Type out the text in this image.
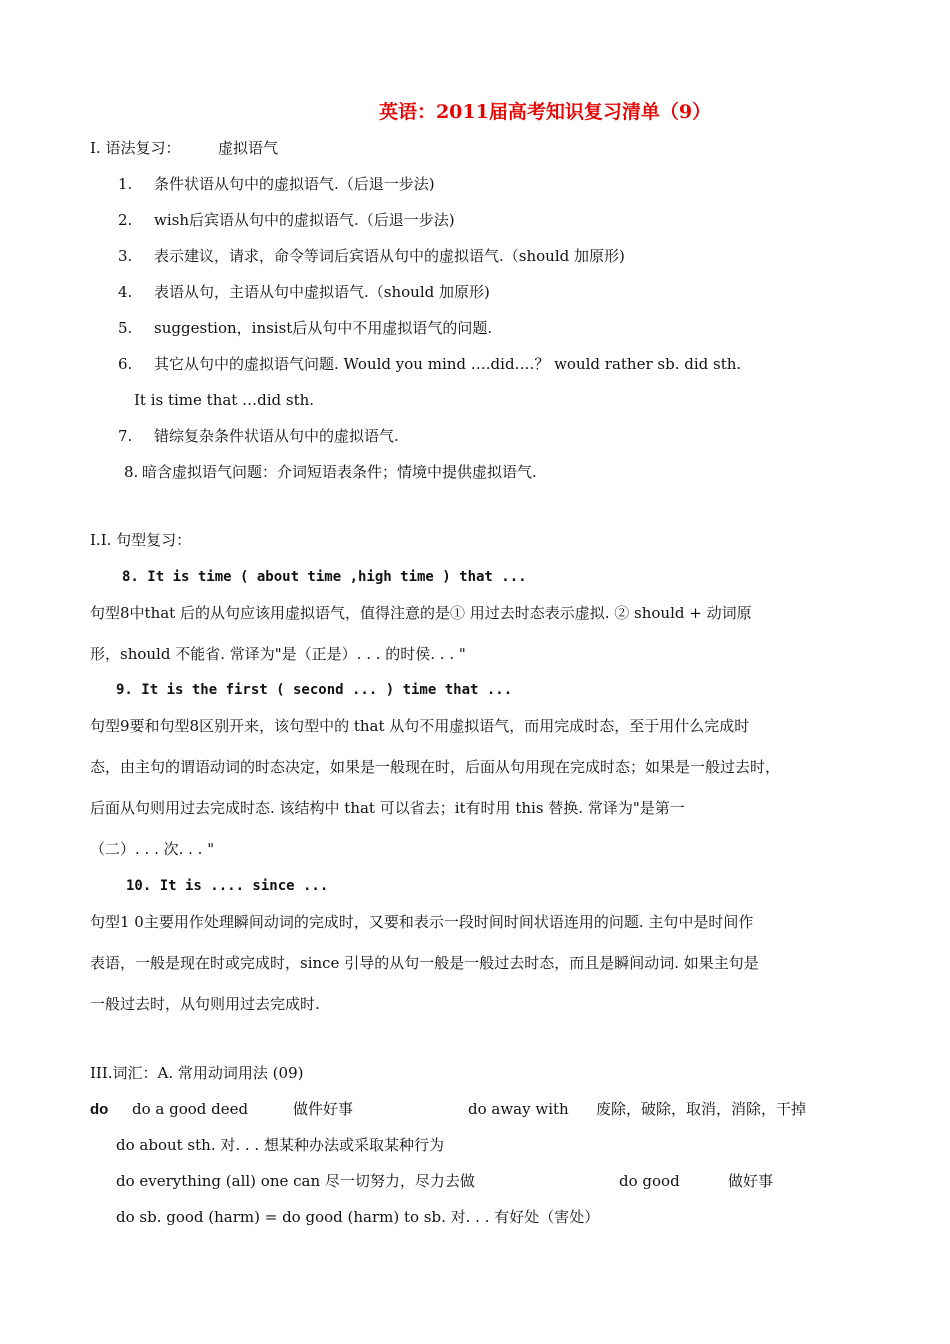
英语：2011届高考知识复习清单（9）
I. 语法复习：	虚拟语气
1. 条件状语从句中的虚拟语气.（后退一步法)
2. wish后宾语从句中的虚拟语气.（后退一步法)
3. 表示建议，请求，命令等词后宾语从句中的虚拟语气.（should 加原形)
4. 表语从句，主语从句中虚拟语气.（should 加原形)
5. suggestion，insist后从句中不用虚拟语气的问题.
6. 其它从句中的虚拟语气问题. Would you mind ….did….？ would rather sb. did sth.
It is time that …did sth.
7. 错综复杂条件状语从句中的虚拟语气.
8. 暗含虚拟语气问题：介词短语表条件；情境中提供虚拟语气.
I.I. 句型复习：
8. It is time ( about time ,high time ) that ...
句型8中that 后的从句应该用虚拟语气，值得注意的是① 用过去时态表示虚拟. ② should + 动词原
形，should 不能省. 常译为"是（正是）. . . 的时侯. . . "
9. It is the first ( second ... ) time that ...
句型9要和句型8区别开来，该句型中的 that 从句不用虚拟语气，而用完成时态，至于用什么完成时
态，由主句的谓语动词的时态决定，如果是一般现在时，后面从句用现在完成时态；如果是一般过去时，
后面从句则用过去完成时态. 该结构中 that 可以省去；it有时用 this 替换. 常译为"是第一
（二）. . . 次. . . "
10. It is .... since ...
句型1 0主要用作处理瞬间动词的完成时，又要和表示一段时间时间状语连用的问题. 主句中是时间作
表语，一般是现在时或完成时，since 引导的从句一般是一般过去时态，而且是瞬间动词. 如果主句是
一般过去时，从句则用过去完成时.
III.词汇：A. 常用动词用法 (09)
do do a good deed	做件好事	do away with 废除，破除，取消，消除，干掉
do about sth. 对. . . 想某种办法或采取某种行为
do everything (all) one can 尽一切努力，尽力去做	do good	做好事
do sb. good (harm) = do good (harm) to sb. 对. . . 有好处（害处）
